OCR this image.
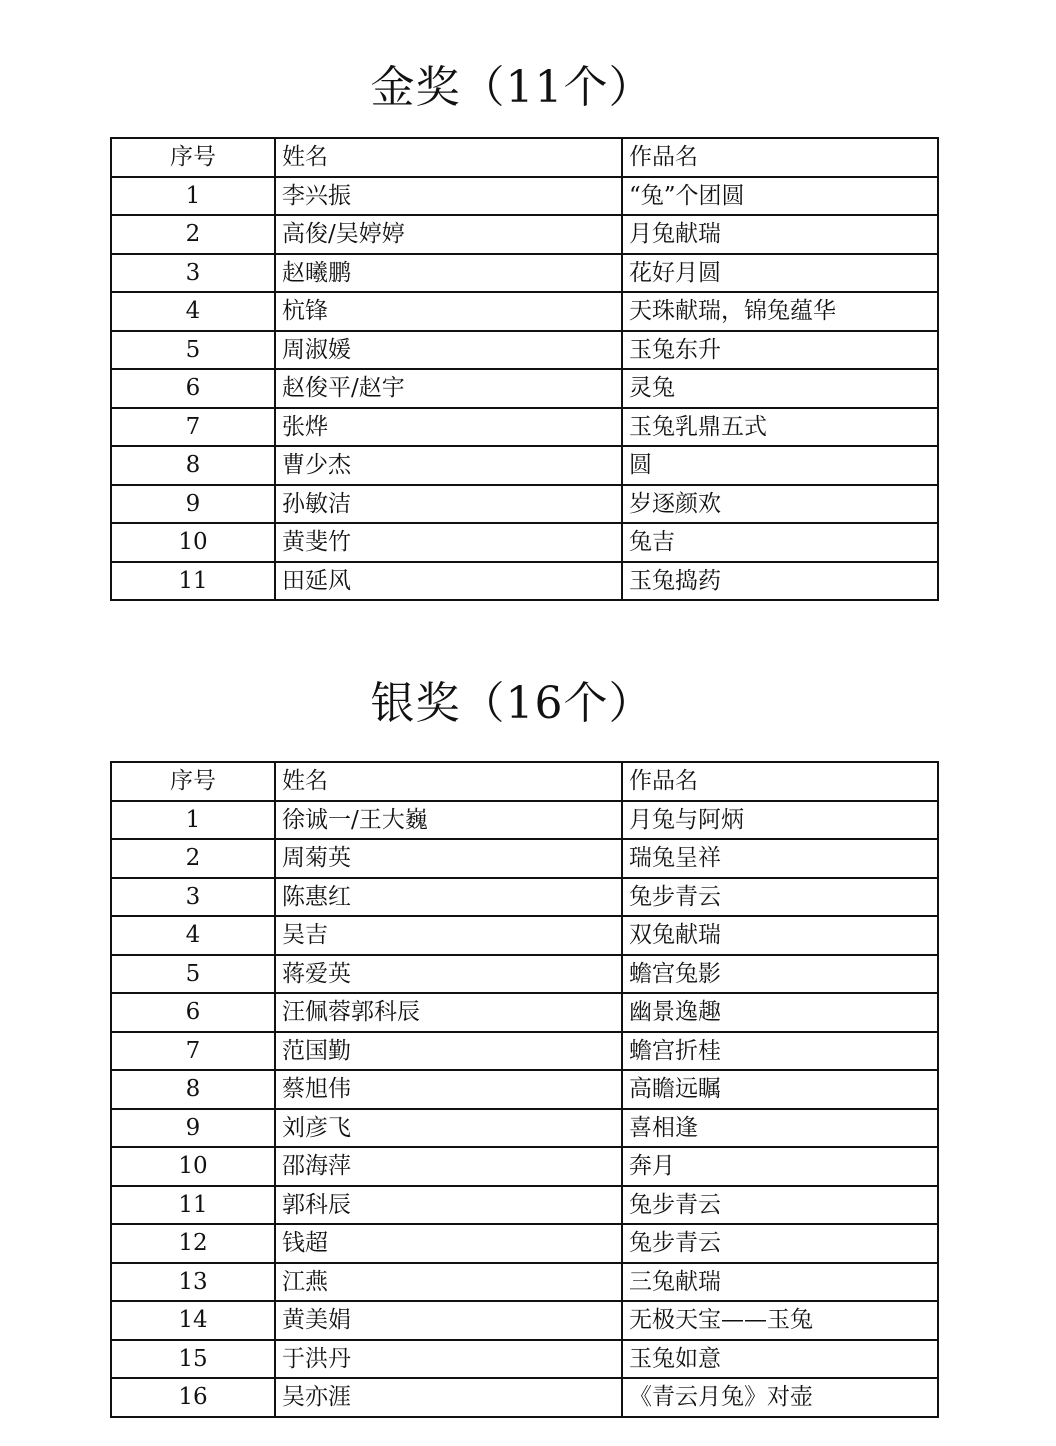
金奖（11个）
序号	姓名	作品名
1	李兴振	“兔”个团圆
2	高俊/吴婷婷	月兔献瑞
3	赵曦鹏	花好月圆
4	杭锋	天珠献瑞，锦兔蕴华
5	周淑媛	玉兔东升
6	赵俊平/赵宇	灵兔
7	张烨	玉兔乳鼎五式
8	曹少杰	圆
9	孙敏洁	岁逐颜欢
10	黄斐竹	兔吉
11	田延风	玉兔捣药
银奖（16个）
序号	姓名	作品名
1	徐诚一/王大巍	月兔与阿炳
2	周菊英	瑞兔呈祥
3	陈惠红	兔步青云
4	吴吉	双兔献瑞
5	蒋爱英	蟾宫兔影
6	汪佩蓉郭科辰	幽景逸趣
7	范国勤	蟾宫折桂
8	蔡旭伟	高瞻远瞩
9	刘彦飞	喜相逢
10	邵海萍	奔月
11	郭科辰	兔步青云
12	钱超	兔步青云
13	江燕	三兔献瑞
14	黄美娟	无极天宝——玉兔
15	于洪丹	玉兔如意
16	吴亦涯	《青云月兔》对壶
